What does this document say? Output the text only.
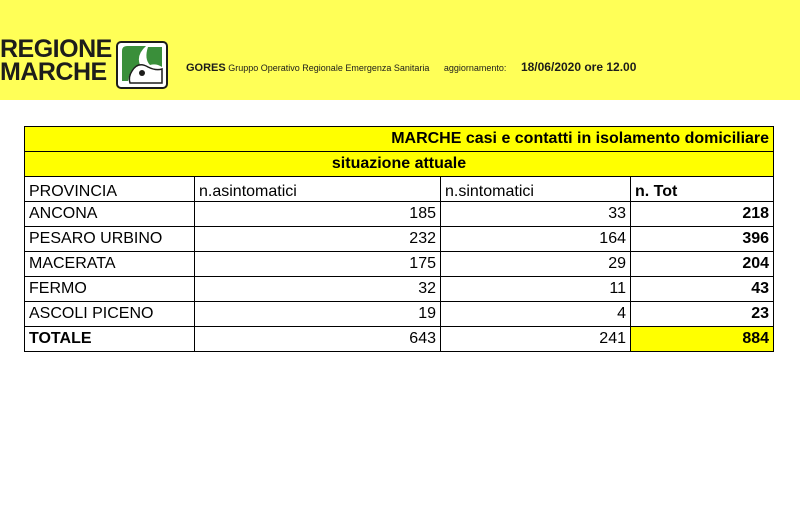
REGIONE
MARCHE	GORES Gruppo Operativo Regionale Emergenza Sanitaria aggiornamento: 18/06/2020 ore 12.00
MARCHE casi e contatti in isolamento domiciliare			
situazione attuale			
PROVINCIA	n.asintomatici	n.sintomatici	n. Tot
ANCONA	185	33	218
PESARO URBINO	232	164	396
MACERATA	175	29	204
FERMO	32	11	43
ASCOLI PICENO	19	4	23
TOTALE	643	241	884
